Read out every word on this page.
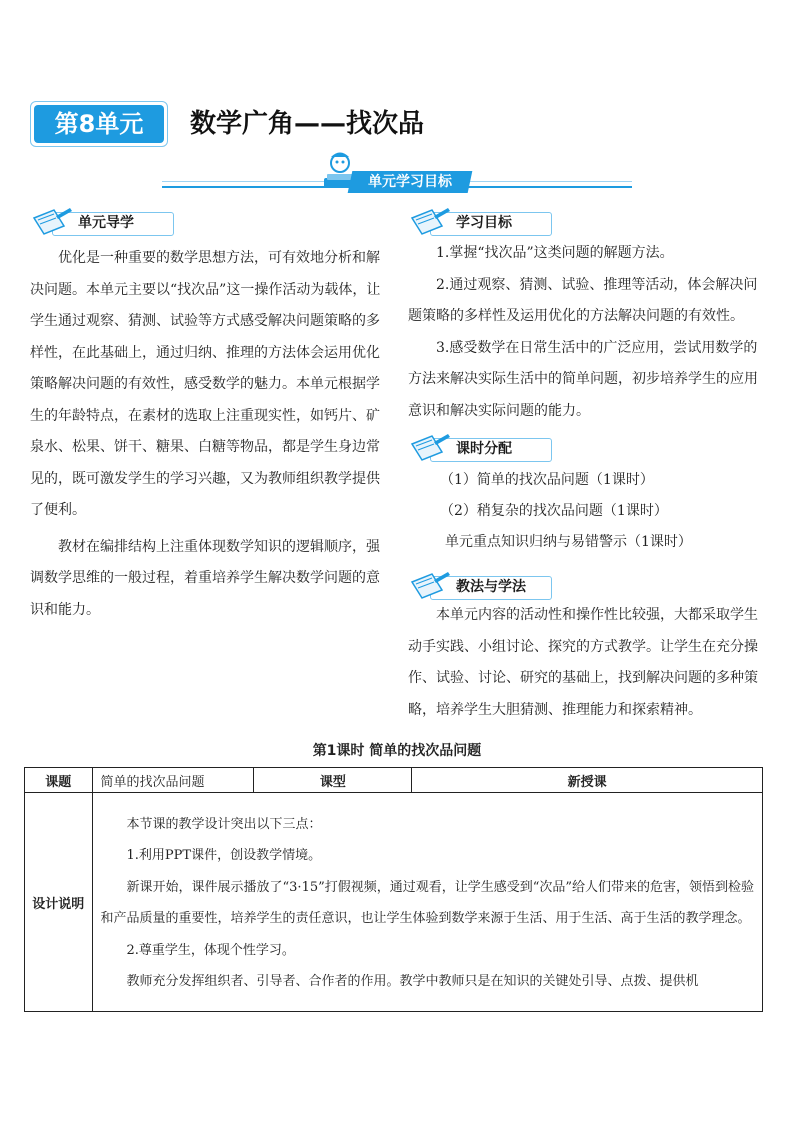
第8单元	数学广角——找次品
单元学习目标
单元导学

优化是一种重要的数学思想方法，可有效地分析和解决问题。本单元主要以“找次品”这一操作活动为载体，让学生通过观察、猜测、试验等方式感受解决问题策略的多样性，在此基础上，通过归纳、推理的方法体会运用优化策略解决问题的有效性，感受数学的魅力。本单元根据学生的年龄特点，在素材的选取上注重现实性，如钙片、矿泉水、松果、饼干、糖果、白糖等物品，都是学生身边常见的，既可激发学生的学习兴趣，又为教师组织教学提供了便利。

教材在编排结构上注重体现数学知识的逻辑顺序，强调数学思维的一般过程，着重培养学生解决数学问题的意识和能力。

学习目标

1.掌握“找次品”这类问题的解题方法。

2.通过观察、猜测、试验、推理等活动，体会解决问题策略的多样性及运用优化的方法解决问题的有效性。

3.感受数学在日常生活中的广泛应用，尝试用数学的方法来解决实际生活中的简单问题，初步培养学生的应用意识和解决实际问题的能力。

课时分配
（1）简单的找次品问题（1课时）
（2）稍复杂的找次品问题（1课时）
单元重点知识归纳与易错警示（1课时）
教法与学法

本单元内容的活动性和操作性比较强，大都采取学生动手实践、小组讨论、探究的方式教学。让学生在充分操作、试验、讨论、研究的基础上，找到解决问题的多种策略，培养学生大胆猜测、推理能力和探索精神。

第1课时 简单的找次品问题
课题	简单的找次品问题	课型	新授课
设计说明	本节课的教学设计突出以下三点：

1.利用PPT课件，创设教学情境。

新课开始，课件展示播放了“3·15”打假视频，通过观看，让学生感受到“次品”给人们带来的危害，领悟到检验和产品质量的重要性，培养学生的责任意识，也让学生体验到数学来源于生活、用于生活、高于生活的教学理念。

2.尊重学生，体现个性学习。

教师充分发挥组织者、引导者、合作者的作用。教学中教师只是在知识的关键处引导、点拨、提供机		
